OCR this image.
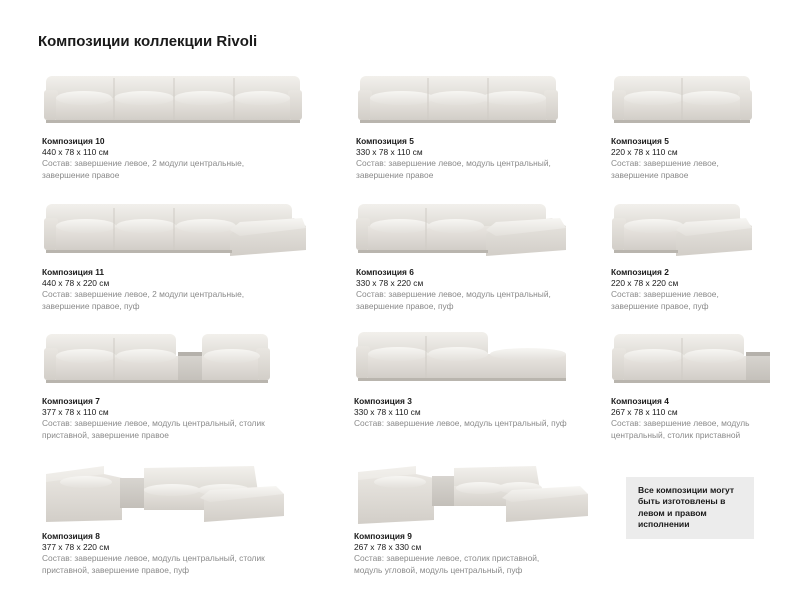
Композиции коллекции Rivoli
Композиция 10
440 x 78 x 110 см
Состав: завершение левое, 2 модули центральные, завершение правое
Композиция 5
330 x 78 x 110 см
Состав: завершение левое, модуль центральный, завершение правое
Композиция 5
220 x 78 x 110 см
Состав: завершение левое, завершение правое
Композиция 11
440 x 78 x 220 см
Состав: завершение левое, 2 модули центральные, завершение правое, пуф
Композиция 6
330 x 78 x 220 см
Состав: завершение левое, модуль центральный, завершение правое, пуф
Композиция 2
220 x 78 x 220 см
Состав: завершение левое, завершение правое, пуф
Композиция 7
377 x 78 x 110 см
Состав: завершение левое, модуль центральный, столик приставной, завершение правое
Композиция 3
330 x 78 x 110 см
Состав: завершение левое, модуль центральный, пуф
Композиция 4
267 x 78 x 110 см
Состав: завершение левое, модуль центральный, столик приставной
Композиция 8
377 x 78 x 220 см
Состав: завершение левое, модуль центральный, столик приставной, завершение правое, пуф
Композиция 9
267 x 78 x 330 см
Состав: завершение левое, столик приставной, модуль угловой, модуль центральный, пуф
Все композиции могут быть изготовлены в левом и правом исполнении
